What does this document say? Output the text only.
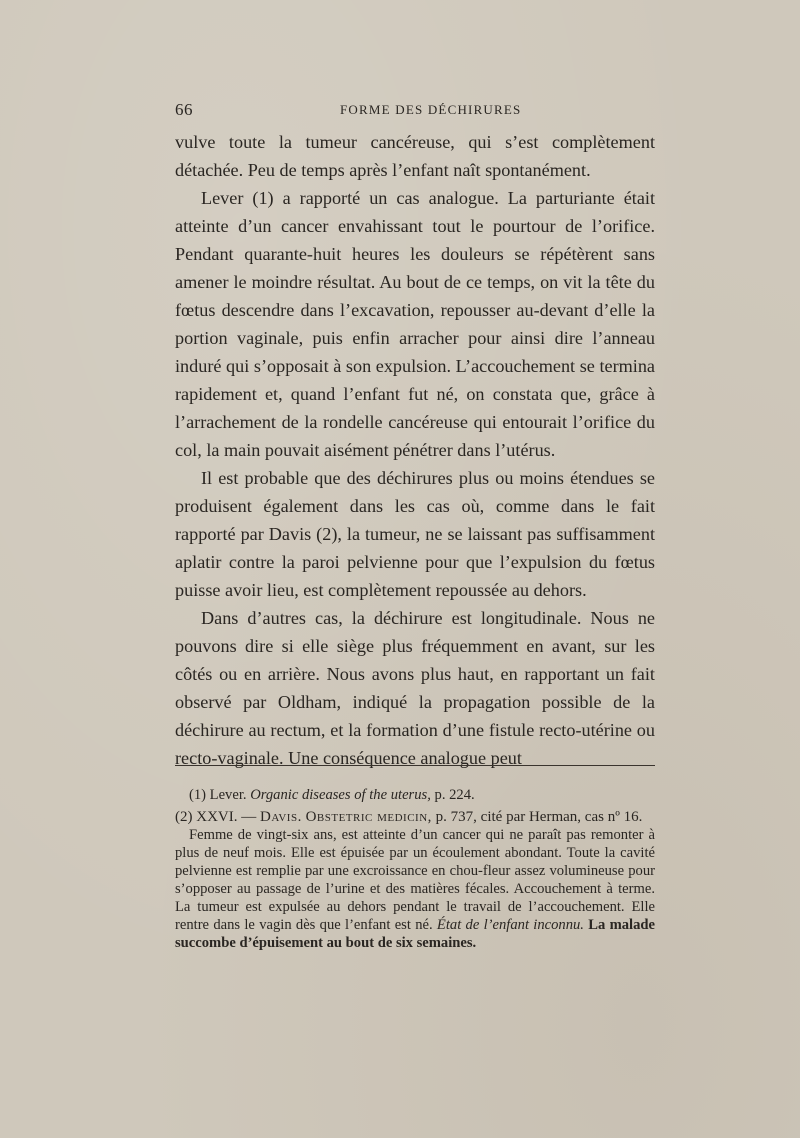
66	FORME DES DÉCHIRURES

vulve toute la tumeur cancéreuse, qui s’est complètement détachée. Peu de temps après l’enfant naît spontanément.

Lever (1) a rapporté un cas analogue. La parturiante était atteinte d’un cancer envahissant tout le pourtour de l’orifice. Pendant quarante-huit heures les douleurs se répétèrent sans amener le moindre résultat. Au bout de ce temps, on vit la tête du fœtus descendre dans l’excavation, repousser au-devant d’elle la portion vaginale, puis enfin arracher pour ainsi dire l’anneau induré qui s’opposait à son expulsion. L’accouchement se termina rapidement et, quand l’enfant fut né, on constata que, grâce à l’arrachement de la rondelle cancéreuse qui entourait l’orifice du col, la main pouvait aisément pénétrer dans l’utérus.

Il est probable que des déchirures plus ou moins étendues se produisent également dans les cas où, comme dans le fait rapporté par Davis (2), la tumeur, ne se laissant pas suffisamment aplatir contre la paroi pelvienne pour que l’expulsion du fœtus puisse avoir lieu, est complètement repoussée au dehors.

Dans d’autres cas, la déchirure est longitudinale. Nous ne pouvons dire si elle siège plus fréquemment en avant, sur les côtés ou en arrière. Nous avons plus haut, en rapportant un fait observé par Oldham, indiqué la propagation possible de la déchirure au rectum, et la formation d’une fistule recto-utérine ou recto-vaginale. Une conséquence analogue peut

(1) Lever. Organic diseases of the uterus, p. 224.

(2) XXVI. — Davis. Obstetric medicin, p. 737, cité par Herman, cas nº 16.

Femme de vingt-six ans, est atteinte d’un cancer qui ne paraît pas remonter à plus de neuf mois. Elle est épuisée par un écoulement abondant. Toute la cavité pelvienne est remplie par une excroissance en chou-fleur assez volumineuse pour s’opposer au passage de l’urine et des matières fécales. Accouchement à terme. La tumeur est expulsée au dehors pendant le travail de l’accouchement. Elle rentre dans le vagin dès que l’enfant est né. État de l’enfant inconnu. La malade succombe d’épuisement au bout de six semaines.
